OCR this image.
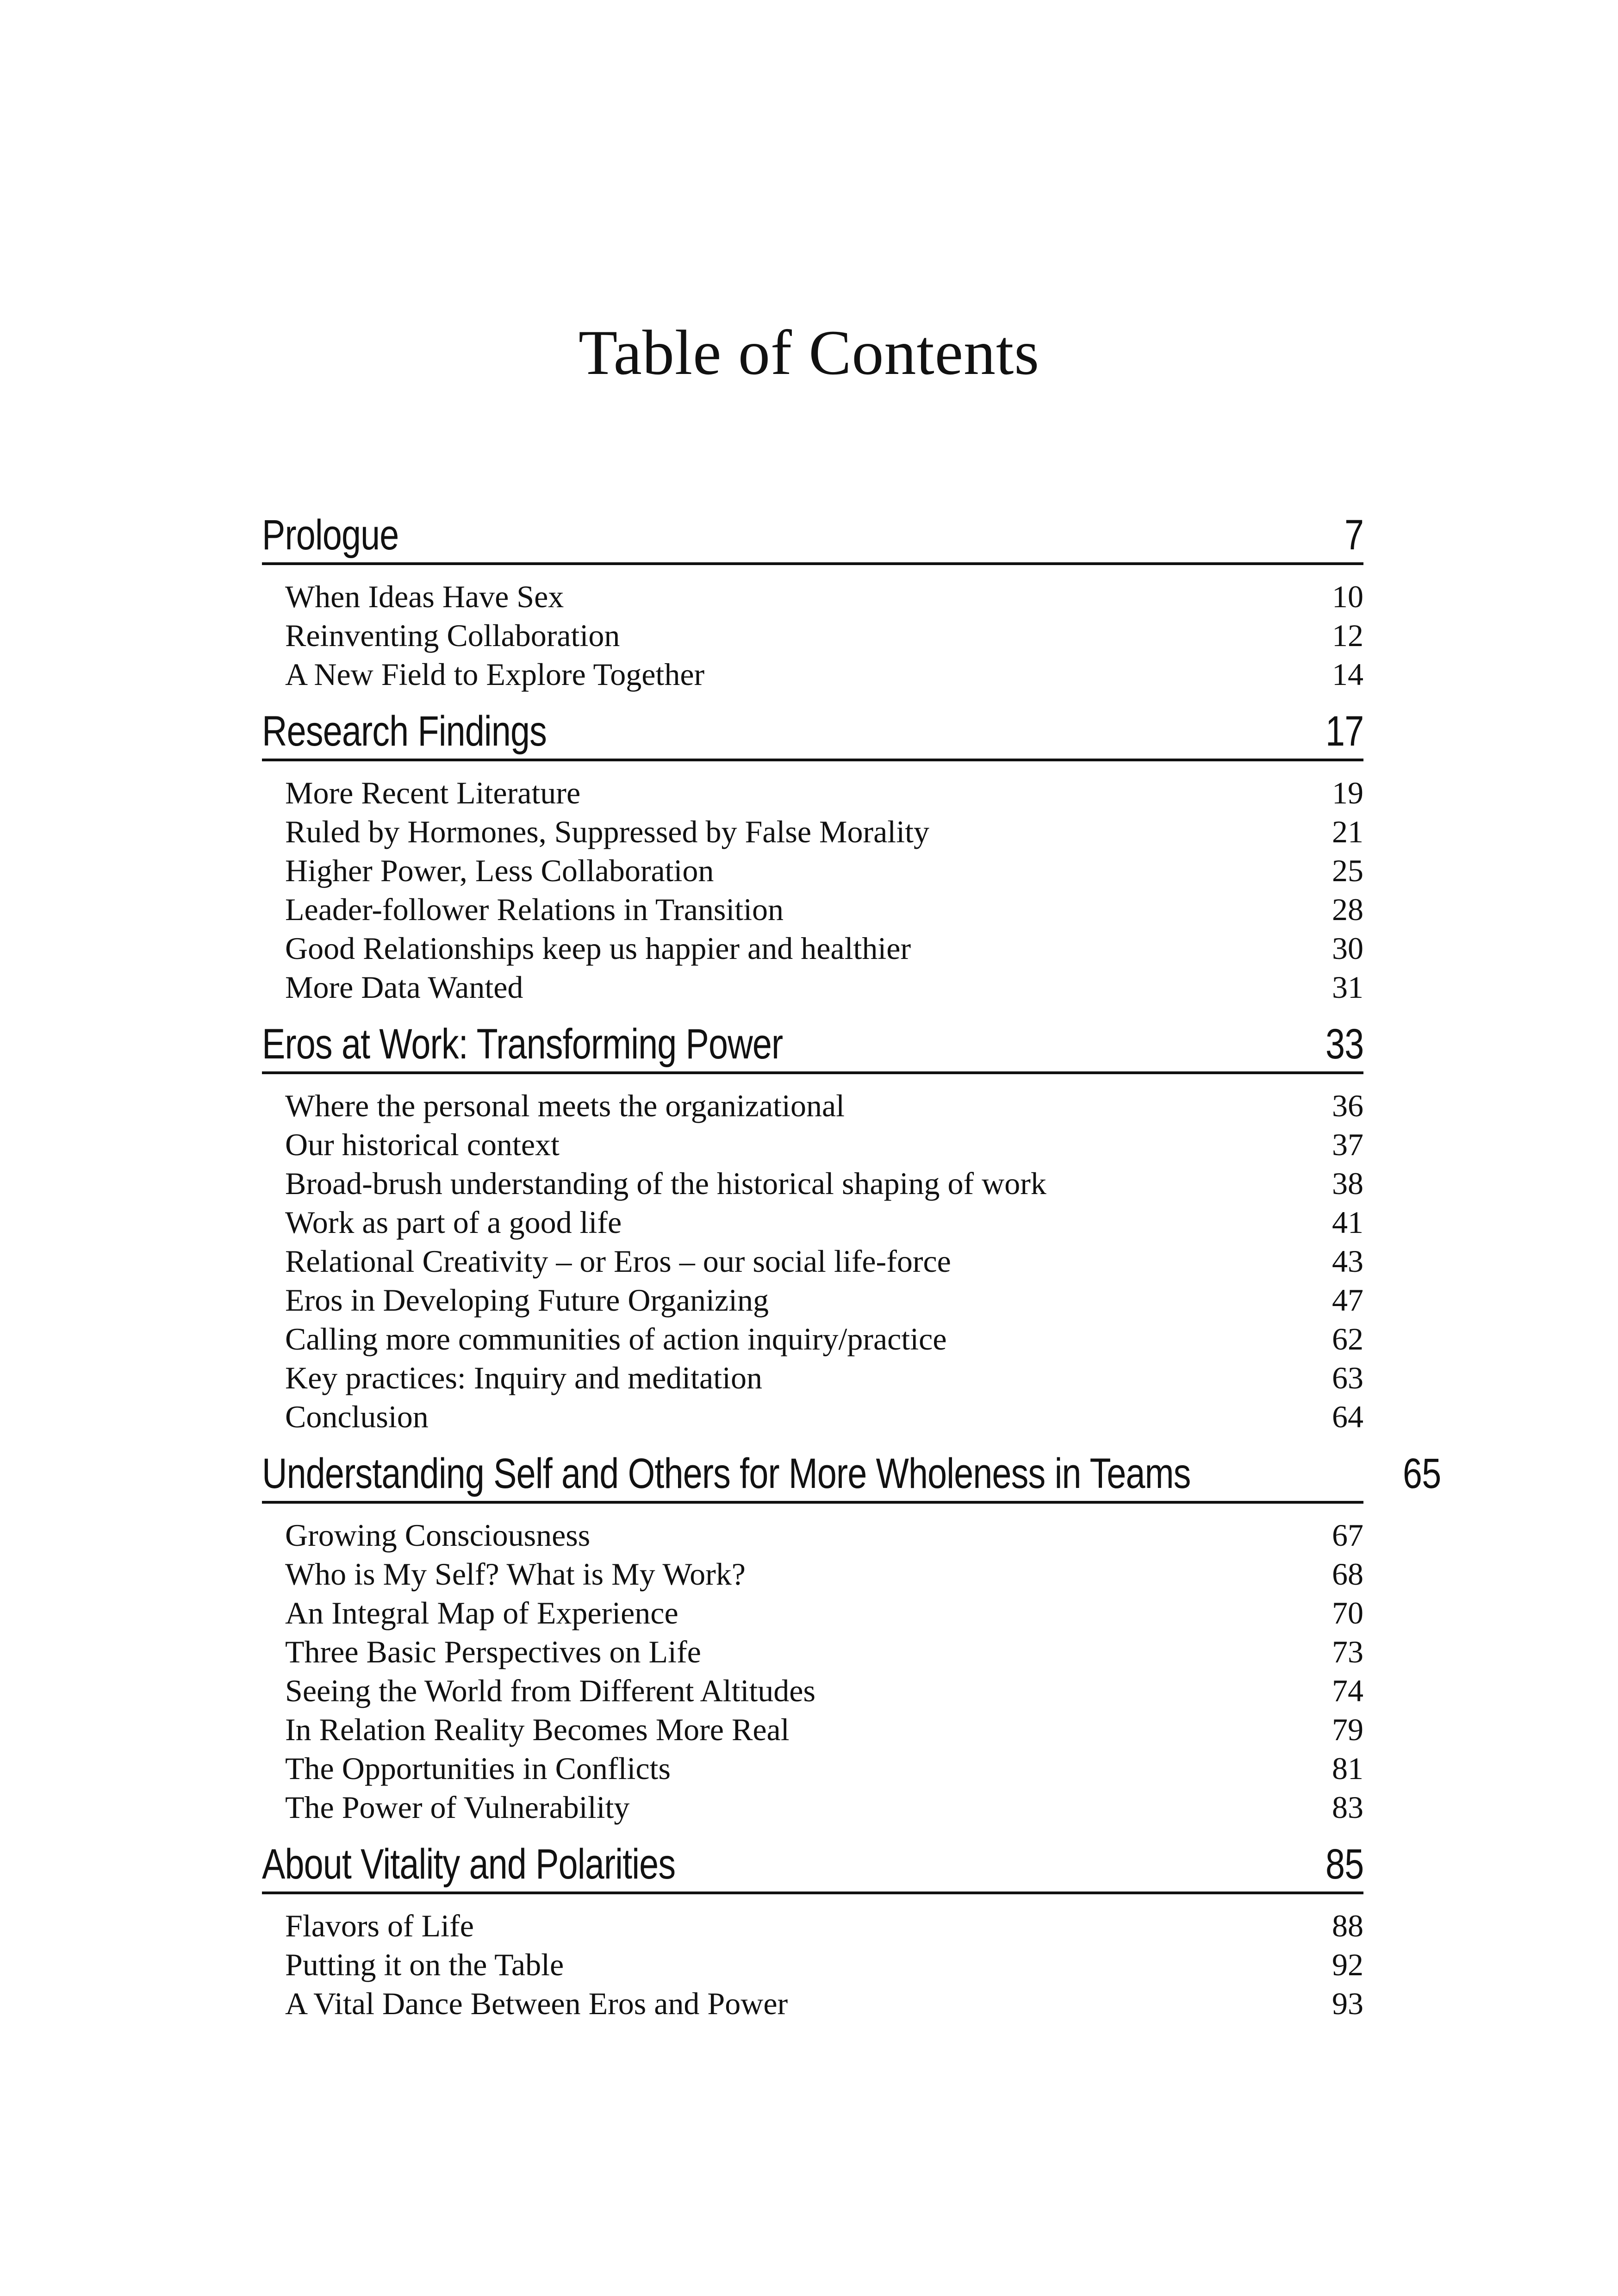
Table of Contents
Prologue	7
When Ideas Have Sex	10
Reinventing Collaboration	12
A New Field to Explore Together	14
Research Findings	17
More Recent Literature	19
Ruled by Hormones, Suppressed by False Morality	21
Higher Power, Less Collaboration	25
Leader-follower Relations in Transition	28
Good Relationships keep us happier and healthier	30
More Data Wanted	31
Eros at Work: Transforming Power	33
Where the personal meets the organizational	36
Our historical context	37
Broad-brush understanding of the historical shaping of work	38
Work as part of a good life	41
Relational Creativity – or Eros – our social life-force	43
Eros in Developing Future Organizing	47
Calling more communities of action inquiry/practice	62
Key practices: Inquiry and meditation	63
Conclusion	64
Understanding Self and Others for More Wholeness in Teams	65
Growing Consciousness	67
Who is My Self? What is My Work?	68
An Integral Map of Experience	70
Three Basic Perspectives on Life	73
Seeing the World from Different Altitudes	74
In Relation Reality Becomes More Real	79
The Opportunities in Conflicts	81
The Power of Vulnerability	83
About Vitality and Polarities	85
Flavors of Life	88
Putting it on the Table	92
A Vital Dance Between Eros and Power	93
